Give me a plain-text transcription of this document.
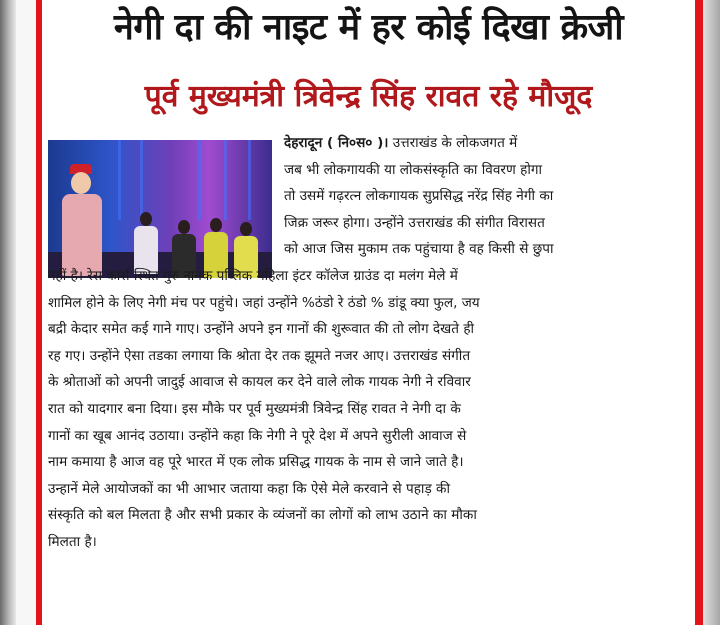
नेगी दा की नाइट में हर कोई दिखा क्रेजी
पूर्व मुख्यमंत्री त्रिवेन्द्र सिंह रावत रहे मौजूद
देहरादून ( नि०स० )। उत्तराखंड के लोकजगत में
जब भी लोकगायकी या लोकसंस्कृति का विवरण होगा
तो उसमें गढ़रत्न लोकगायक सुप्रसिद्ध नरेंद्र सिंह नेगी का
जिक्र जरूर होगा। उन्होंने उत्तराखंड की संगीत विरासत
को आज जिस मुकाम तक पहुंचाया है वह किसी से छुपा
नहीं है। रेस कार्स स्थित गुरु नानक पब्लिक महिला इंटर कॉलेज ग्राउंड दा मलंग मेले में
शामिल होने के लिए नेगी मंच पर पहुंचे। जहां उन्होंने %ठंडो रे ठंडो % डांडू क्या फुल, जय
बद्री केदार समेत कई गाने गाए। उन्होंने अपने इन गानों की शुरूवात की तो लोग देखते ही
रह गए। उन्होंने ऐसा तडका लगाया कि श्रोता देर तक झूमते नजर आए। उत्तराखंड संगीत
के श्रोताओं को अपनी जादुई आवाज से कायल कर देने वाले लोक गायक नेगी ने रविवार
रात को यादगार बना दिया। इस मौके पर पूर्व मुख्यमंत्री त्रिवेन्द्र सिंह रावत ने नेगी दा के
गानों का खूब आनंद उठाया। उन्होंने कहा कि नेगी ने पूरे देश में अपने सुरीली आवाज से
नाम कमाया है आज वह पूरे भारत में एक लोक प्रसिद्ध गायक के नाम से जाने जाते है।
उन्हानें मेले आयोजकों का भी आभार जताया कहा कि ऐसे मेले करवाने से पहाड़ की
संस्कृति को बल मिलता है और सभी प्रकार के व्यंजनों का लोगों को लाभ उठाने का मौका
मिलता है।
